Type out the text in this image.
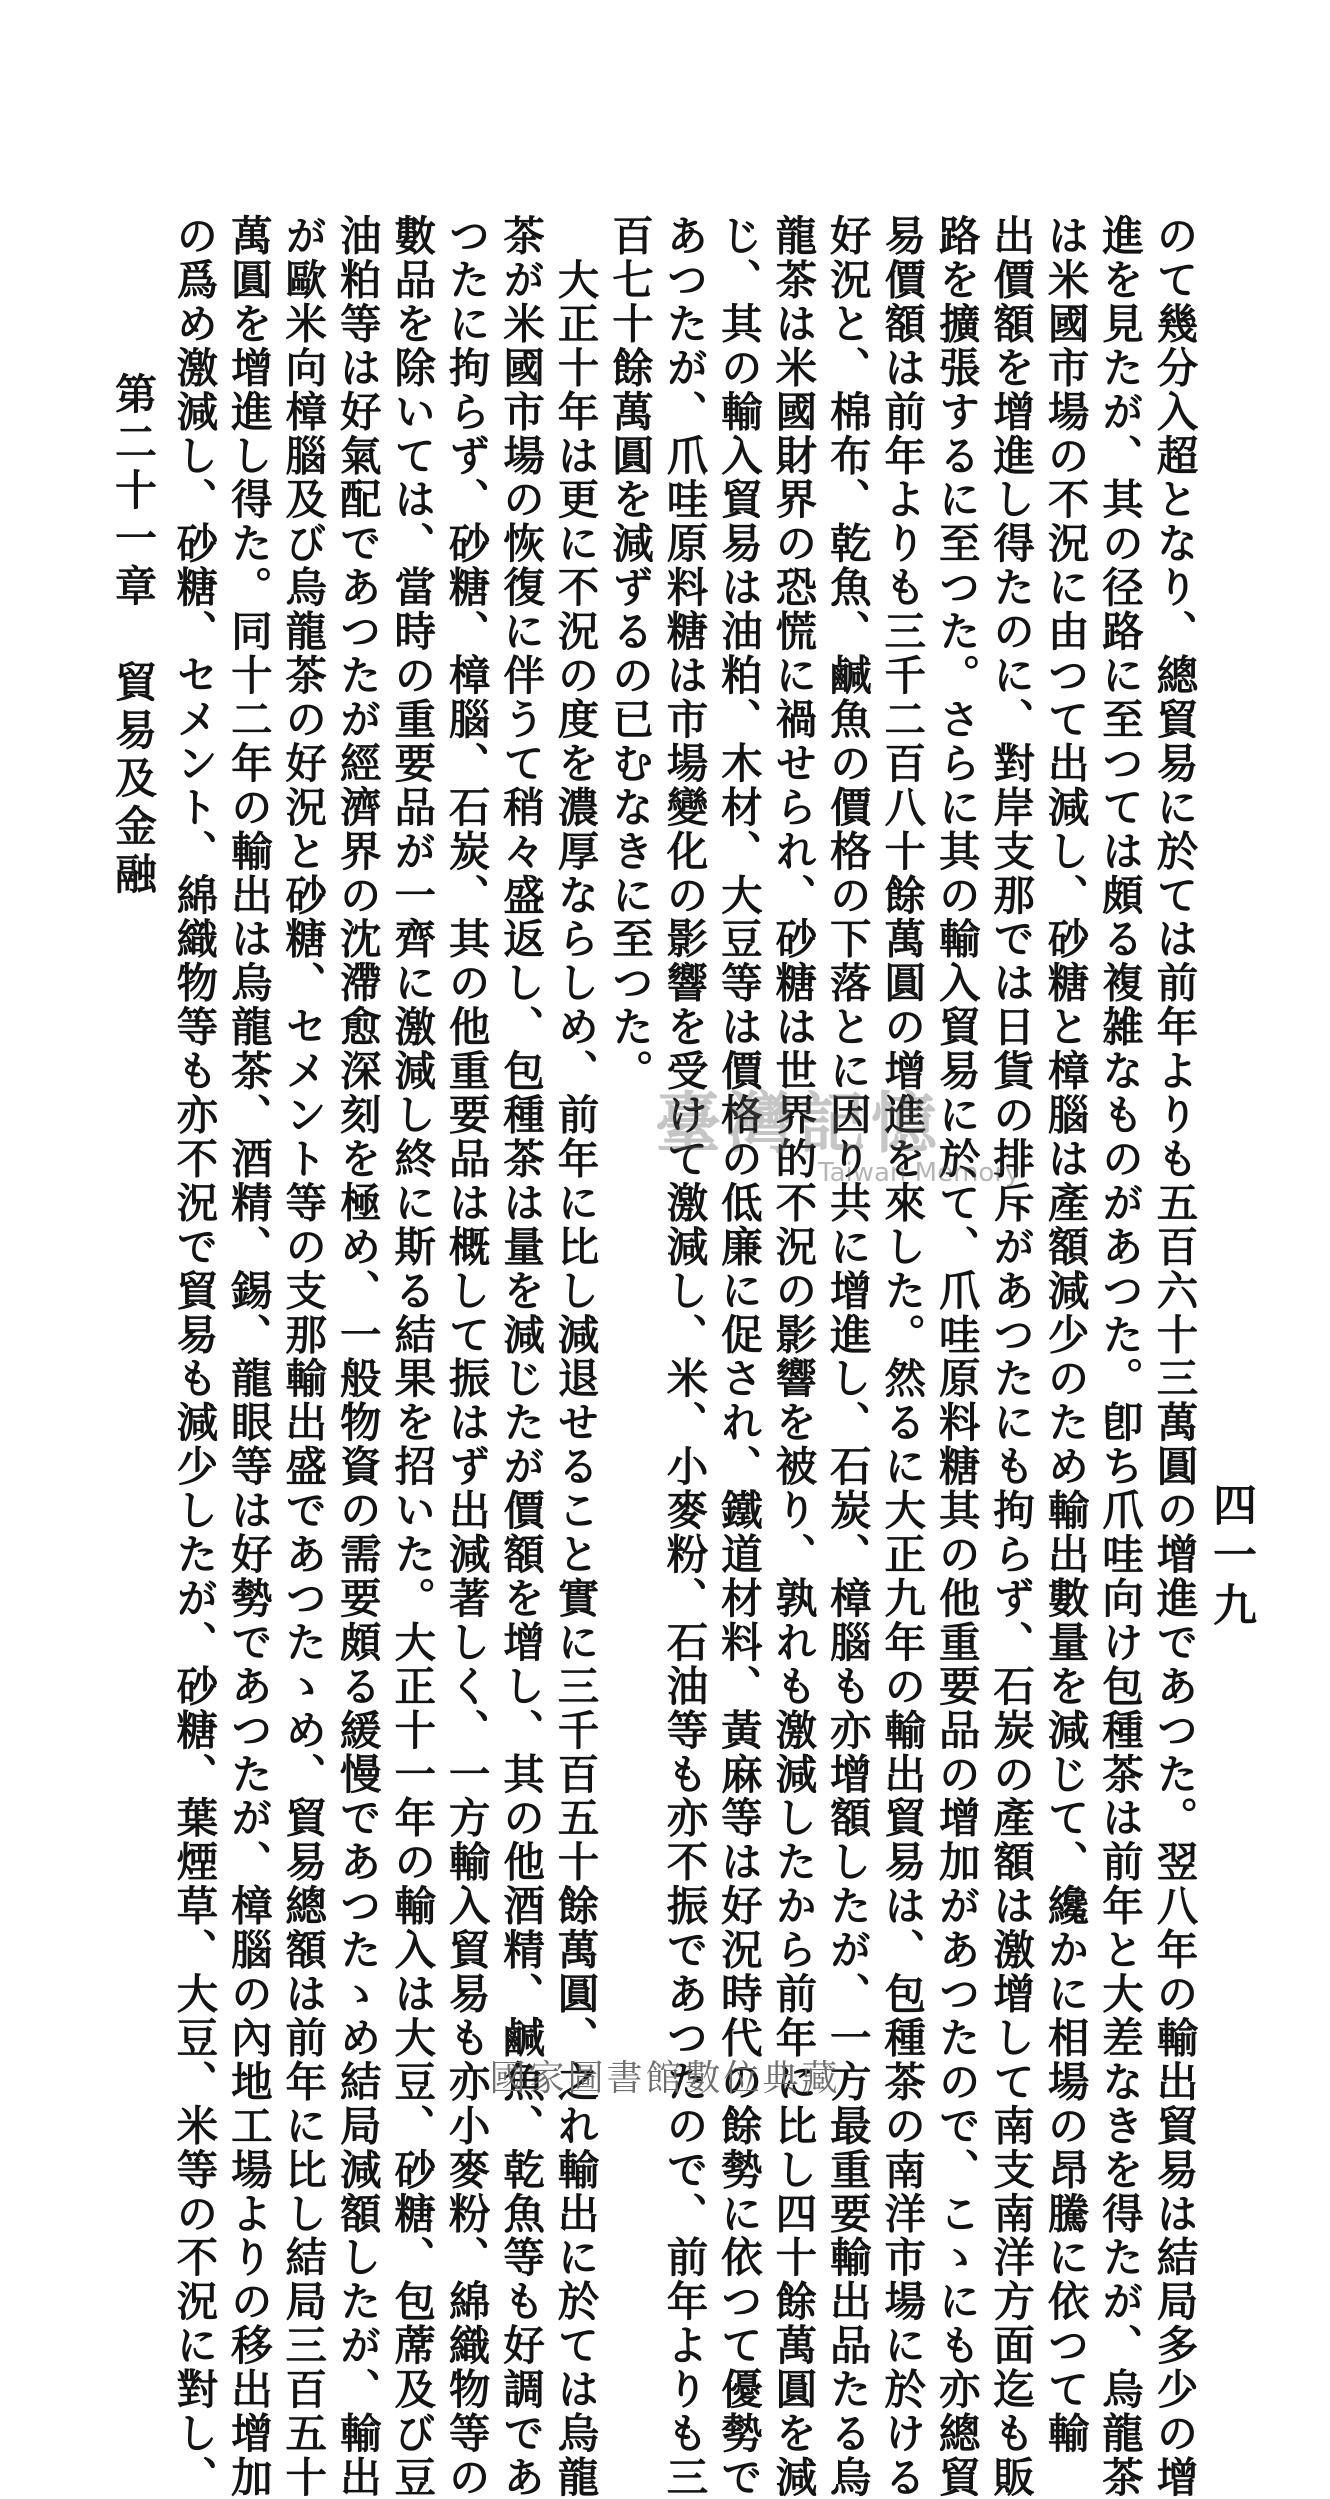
第二十一章　貿易及金融
四一九
のて幾分入超となり、總貿易に於ては前年よりも五百六十三萬圓の增進であつた。翌八年の輸出貿易は結局多少の增
進を見たが、其の径路に至つては頗る複雑なものがあつた。卽ち爪哇向け包種茶は前年と大差なきを得たが、烏龍茶
は米國市場の不況に由つて出減し、砂糖と樟腦は產額減少のため輸出數量を減じて、纔かに相場の昂騰に依つて輸
出價額を增進し得たのに、對岸支那では日貨の排斥があつたにも拘らず、石炭の產額は激增して南支南洋方面迄も販
路を擴張するに至つた。さらに其の輸入貿易に於て、爪哇原料糖其の他重要品の增加があつたので、こゝにも亦總貿
易價額は前年よりも三千二百八十餘萬圓の增進を來した。然るに大正九年の輸出貿易は、包種茶の南洋市場に於ける
好況と、棉布、乾魚、鹹魚の價格の下落とに因り共に增進し、石炭、樟腦も亦增額したが、一方最重要輸出品たる烏
龍茶は米國財界の恐慌に禍せられ、砂糖は世界的不況の影響を被り、孰れも激減したから前年に比し四十餘萬圓を減
じ、其の輸入貿易は油粕、木材、大豆等は價格の低廉に促され、鐵道材料、黃麻等は好況時代の餘勢に依つて優勢で
あつたが、爪哇原料糖は市場變化の影響を受けて激減し、米、小麥粉、石油等も亦不振であつたので、前年よりも三
百七十餘萬圓を減ずるの已むなきに至つた。
　大正十年は更に不況の度を濃厚ならしめ、前年に比し減退せること實に三千百五十餘萬圓、之れ輸出に於ては烏龍
茶が米國市場の恢復に伴うて稍々盛返し、包種茶は量を減じたが價額を增し、其の他酒精、鹹魚、乾魚等も好調であ
つたに拘らず、砂糖、樟腦、石炭、其の他重要品は概して振はず出減著しく、一方輸入貿易も亦小麥粉、綿織物等の
數品を除いては、當時の重要品が一齊に激減し終に斯る結果を招いた。大正十一年の輸入は大豆、砂糖、包蓆及び豆
油粕等は好氣配であつたが經濟界の沈滯愈深刻を極め、一般物資の需要頗る緩慢であつたゝめ結局減額したが、輸出
が歐米向樟腦及び烏龍茶の好況と砂糖、セメント等の支那輸出盛であつたゝめ、貿易總額は前年に比し結局三百五十
萬圓を增進し得た。同十二年の輸出は烏龍茶、酒精、錫、龍眼等は好勢であつたが、樟腦の內地工場よりの移出增加
の爲め激減し、砂糖、セメント、綿織物等も亦不況で貿易も減少したが、砂糖、葉煙草、大豆、米等の不況に對し、	臺灣記憶
Taiwan Memory
國家圖書館數位典藏
